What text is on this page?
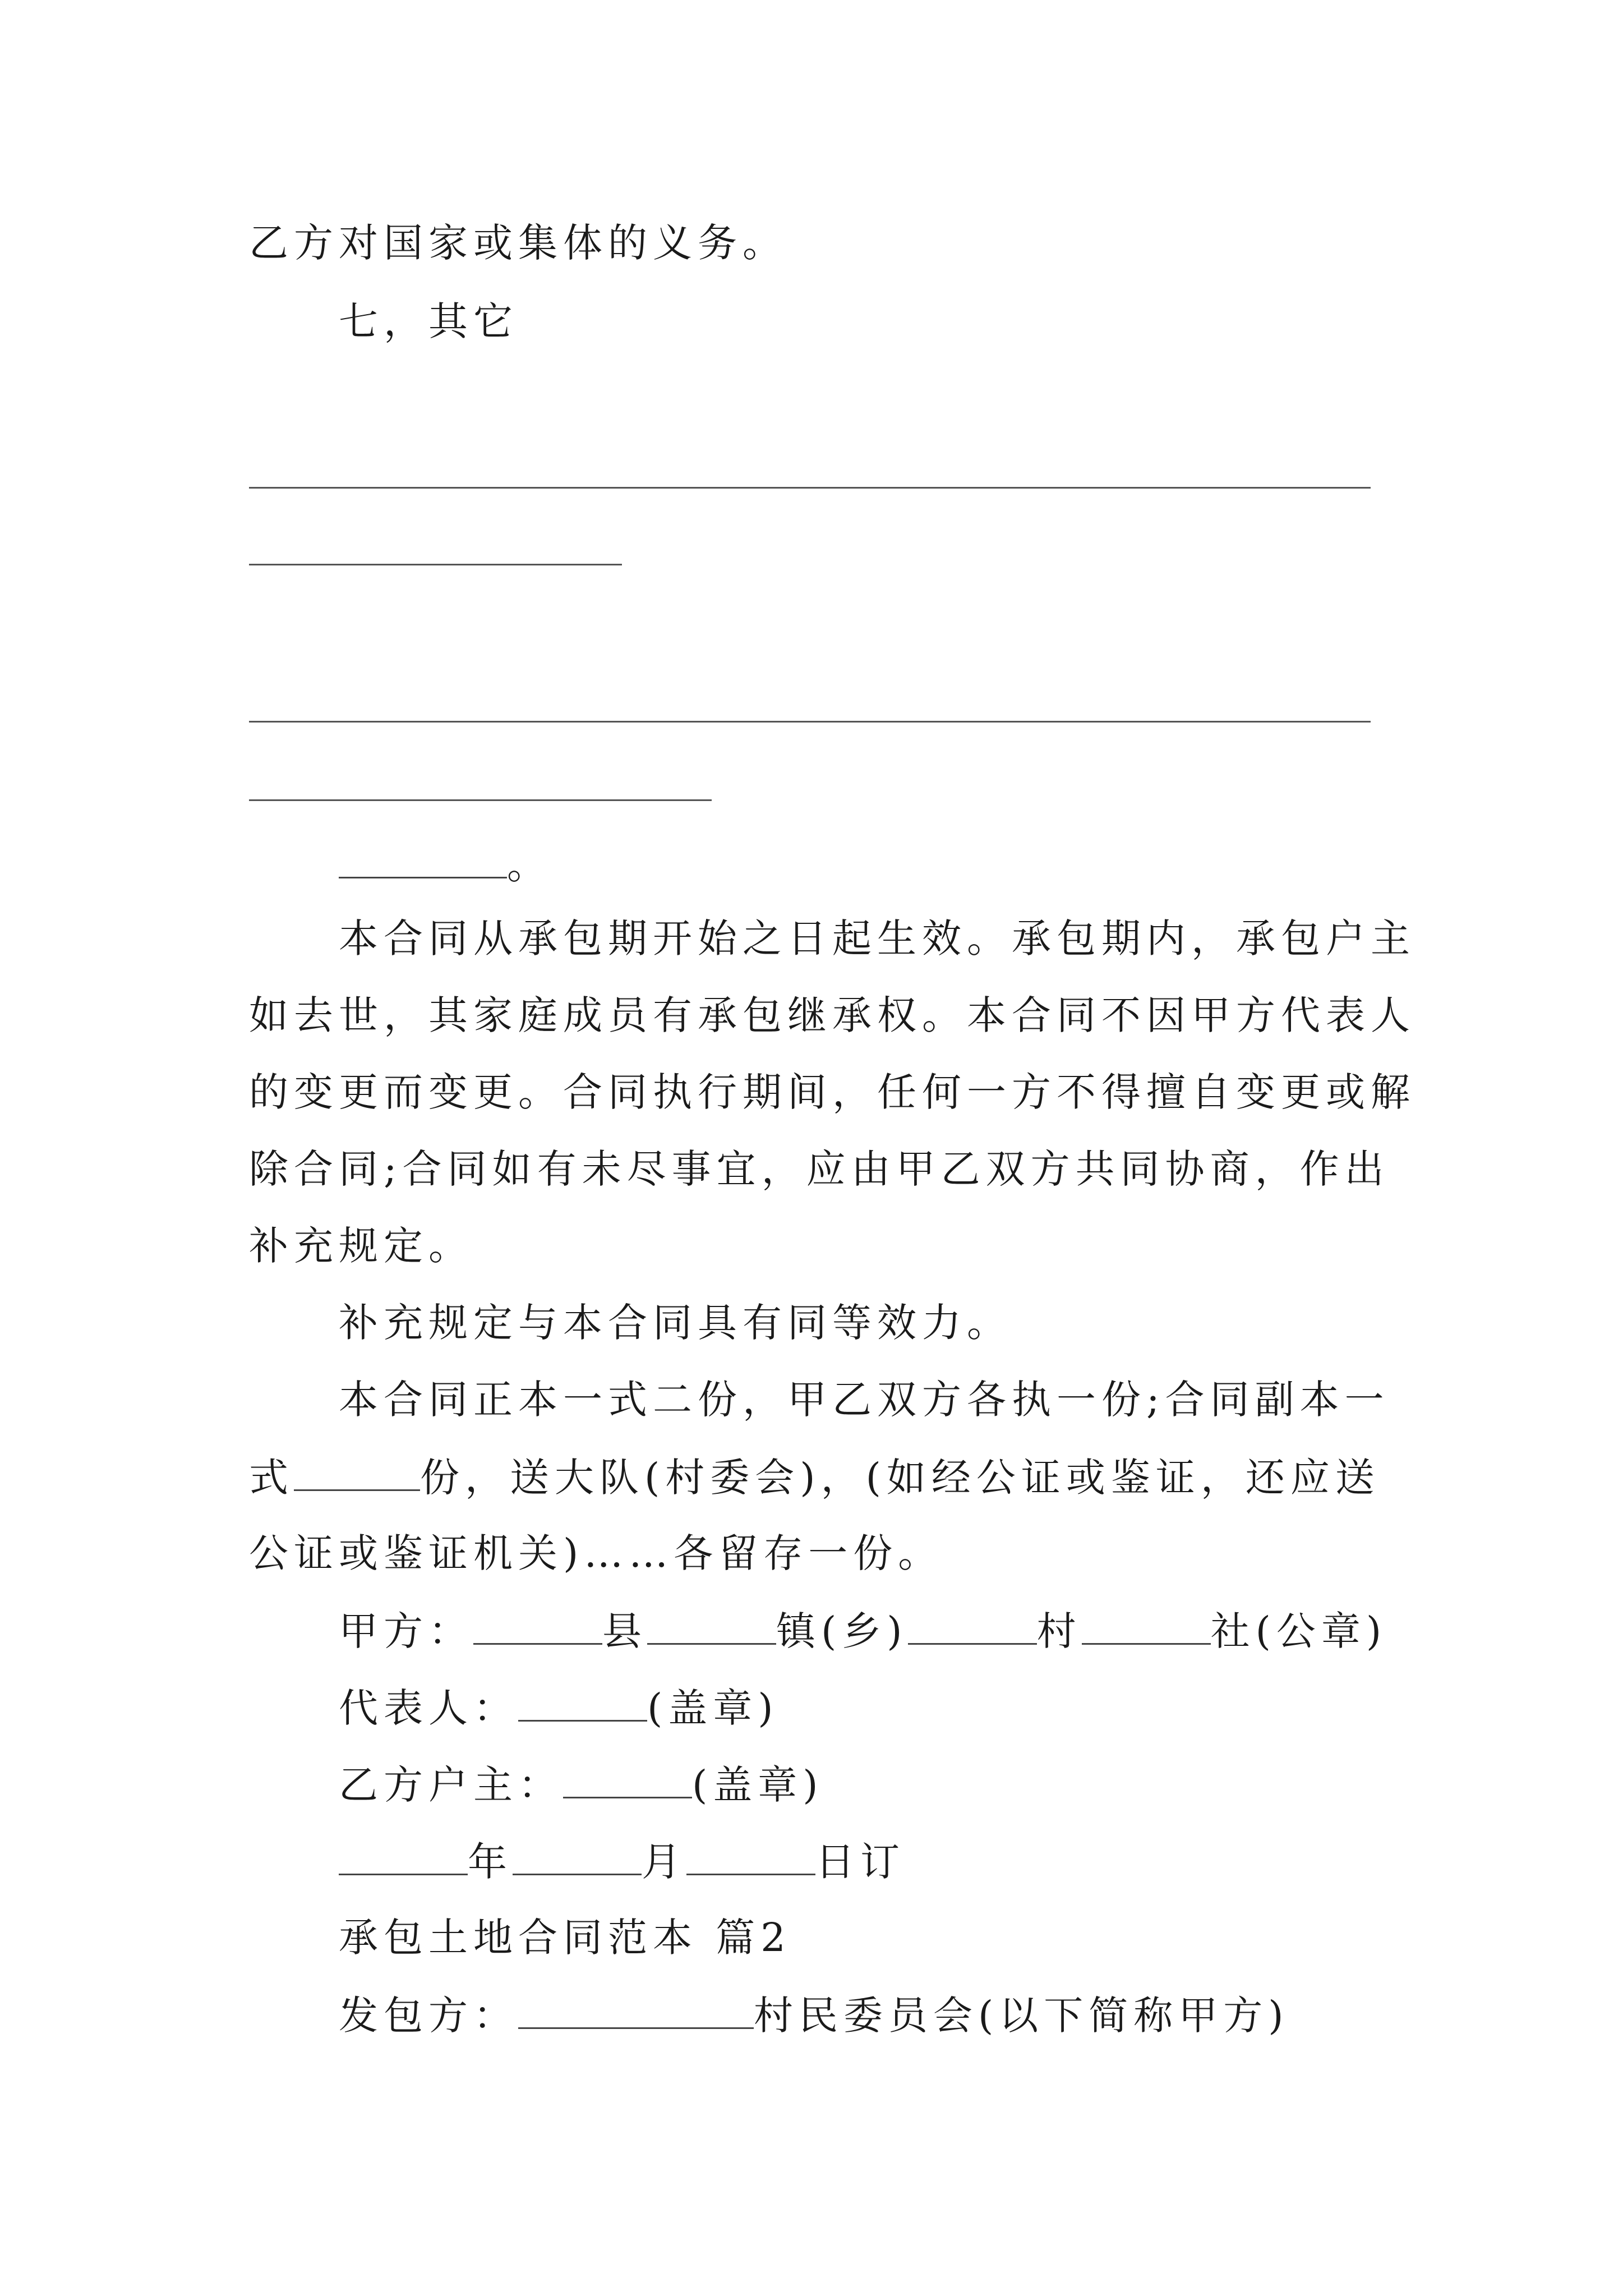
乙方对国家或集体的义务。
七，其它
。
本合同从承包期开始之日起生效。承包期内，承包户主
如去世，其家庭成员有承包继承权。本合同不因甲方代表人
的变更而变更。合同执行期间，任何一方不得擅自变更或解
除合同;合同如有未尽事宜，应由甲乙双方共同协商，作出
补充规定。
补充规定与本合同具有同等效力。
本合同正本一式二份，甲乙双方各执一份;合同副本一
式	份，送大队(村委会)，(如经公证或鉴证，还应送
公证或鉴证机关)……各留存一份。
甲方：	县	镇(乡)	村	社(公章)
代表人：	(盖章)
乙方户主：	(盖章)
年	月	日订
承包土地合同范本 篇2
发包方：	村民委员会(以下简称甲方)
